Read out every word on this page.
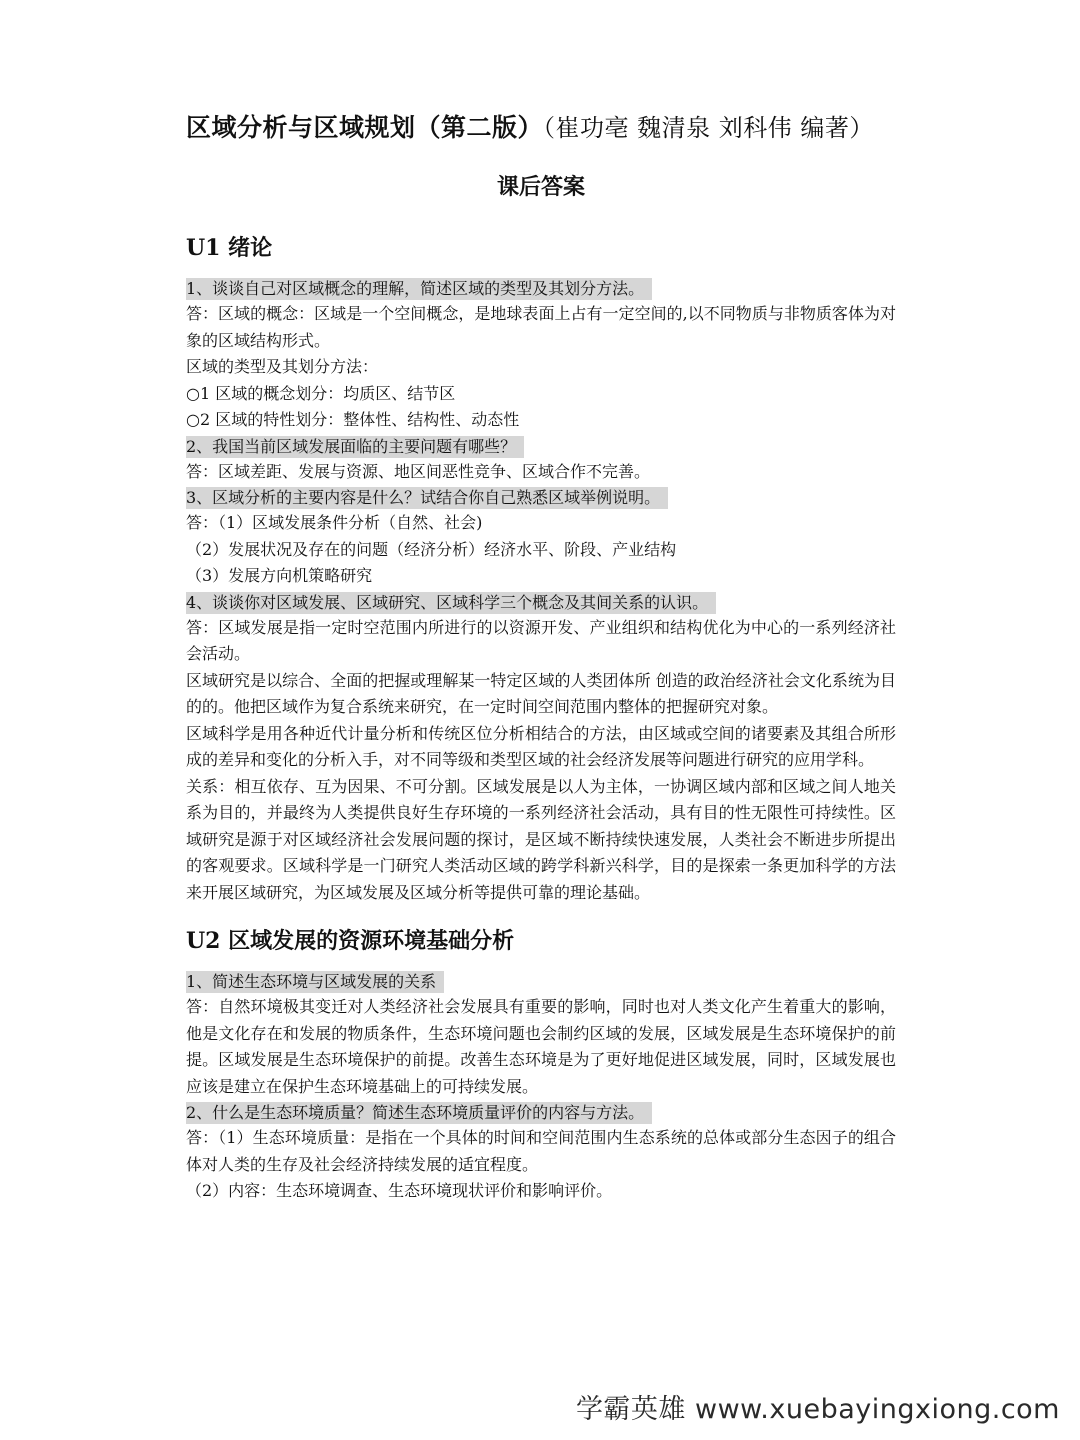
区域分析与区域规划（第二版）（崔功亳 魏清泉 刘科伟 编著）
课后答案
U1 绪论
1、谈谈自己对区域概念的理解，简述区域的类型及其划分方法。

答：区域的概念：区域是一个空间概念，是地球表面上占有一定空间的,以不同物质与非物质客体为对象的区域结构形式。

区域的类型及其划分方法：

○1 区域的概念划分：均质区、结节区

○2 区域的特性划分：整体性、结构性、动态性

2、我国当前区域发展面临的主要问题有哪些？

答：区域差距、发展与资源、地区间恶性竞争、区域合作不完善。

3、区域分析的主要内容是什么？试结合你自己熟悉区域举例说明。

答：（1）区域发展条件分析（自然、社会)

（2）发展状况及存在的问题（经济分析）经济水平、阶段、产业结构

（3）发展方向机策略研究

4、谈谈你对区域发展、区域研究、区域科学三个概念及其间关系的认识。

答：区域发展是指一定时空范围内所进行的以资源开发、产业组织和结构优化为中心的一系列经济社会活动。

区域研究是以综合、全面的把握或理解某一特定区域的人类团体所 创造的政治经济社会文化系统为目的的。他把区域作为复合系统来研究，在一定时间空间范围内整体的把握研究对象。

区域科学是用各种近代计量分析和传统区位分析相结合的方法，由区域或空间的诸要素及其组合所形成的差异和变化的分析入手，对不同等级和类型区域的社会经济发展等问题进行研究的应用学科。

关系：相互依存、互为因果、不可分割。区域发展是以人为主体，一协调区域内部和区域之间人地关系为目的，并最终为人类提供良好生存环境的一系列经济社会活动，具有目的性无限性可持续性。区域研究是源于对区域经济社会发展问题的探讨，是区域不断持续快速发展，人类社会不断进步所提出的客观要求。区域科学是一门研究人类活动区域的跨学科新兴科学，目的是探索一条更加科学的方法来开展区域研究，为区域发展及区域分析等提供可靠的理论基础。

U2 区域发展的资源环境基础分析
1、简述生态环境与区域发展的关系

答：自然环境极其变迁对人类经济社会发展具有重要的影响，同时也对人类文化产生着重大的影响，他是文化存在和发展的物质条件，生态环境问题也会制约区域的发展，区域发展是生态环境保护的前提。区域发展是生态环境保护的前提。改善生态环境是为了更好地促进区域发展，同时，区域发展也应该是建立在保护生态环境基础上的可持续发展。

2、什么是生态环境质量？简述生态环境质量评价的内容与方法。

答：（1）生态环境质量：是指在一个具体的时间和空间范围内生态系统的总体或部分生态因子的组合体对人类的生存及社会经济持续发展的适宜程度。

（2）内容：生态环境调查、生态环境现状评价和影响评价。

学霸英雄 www.xuebayingxiong.com
